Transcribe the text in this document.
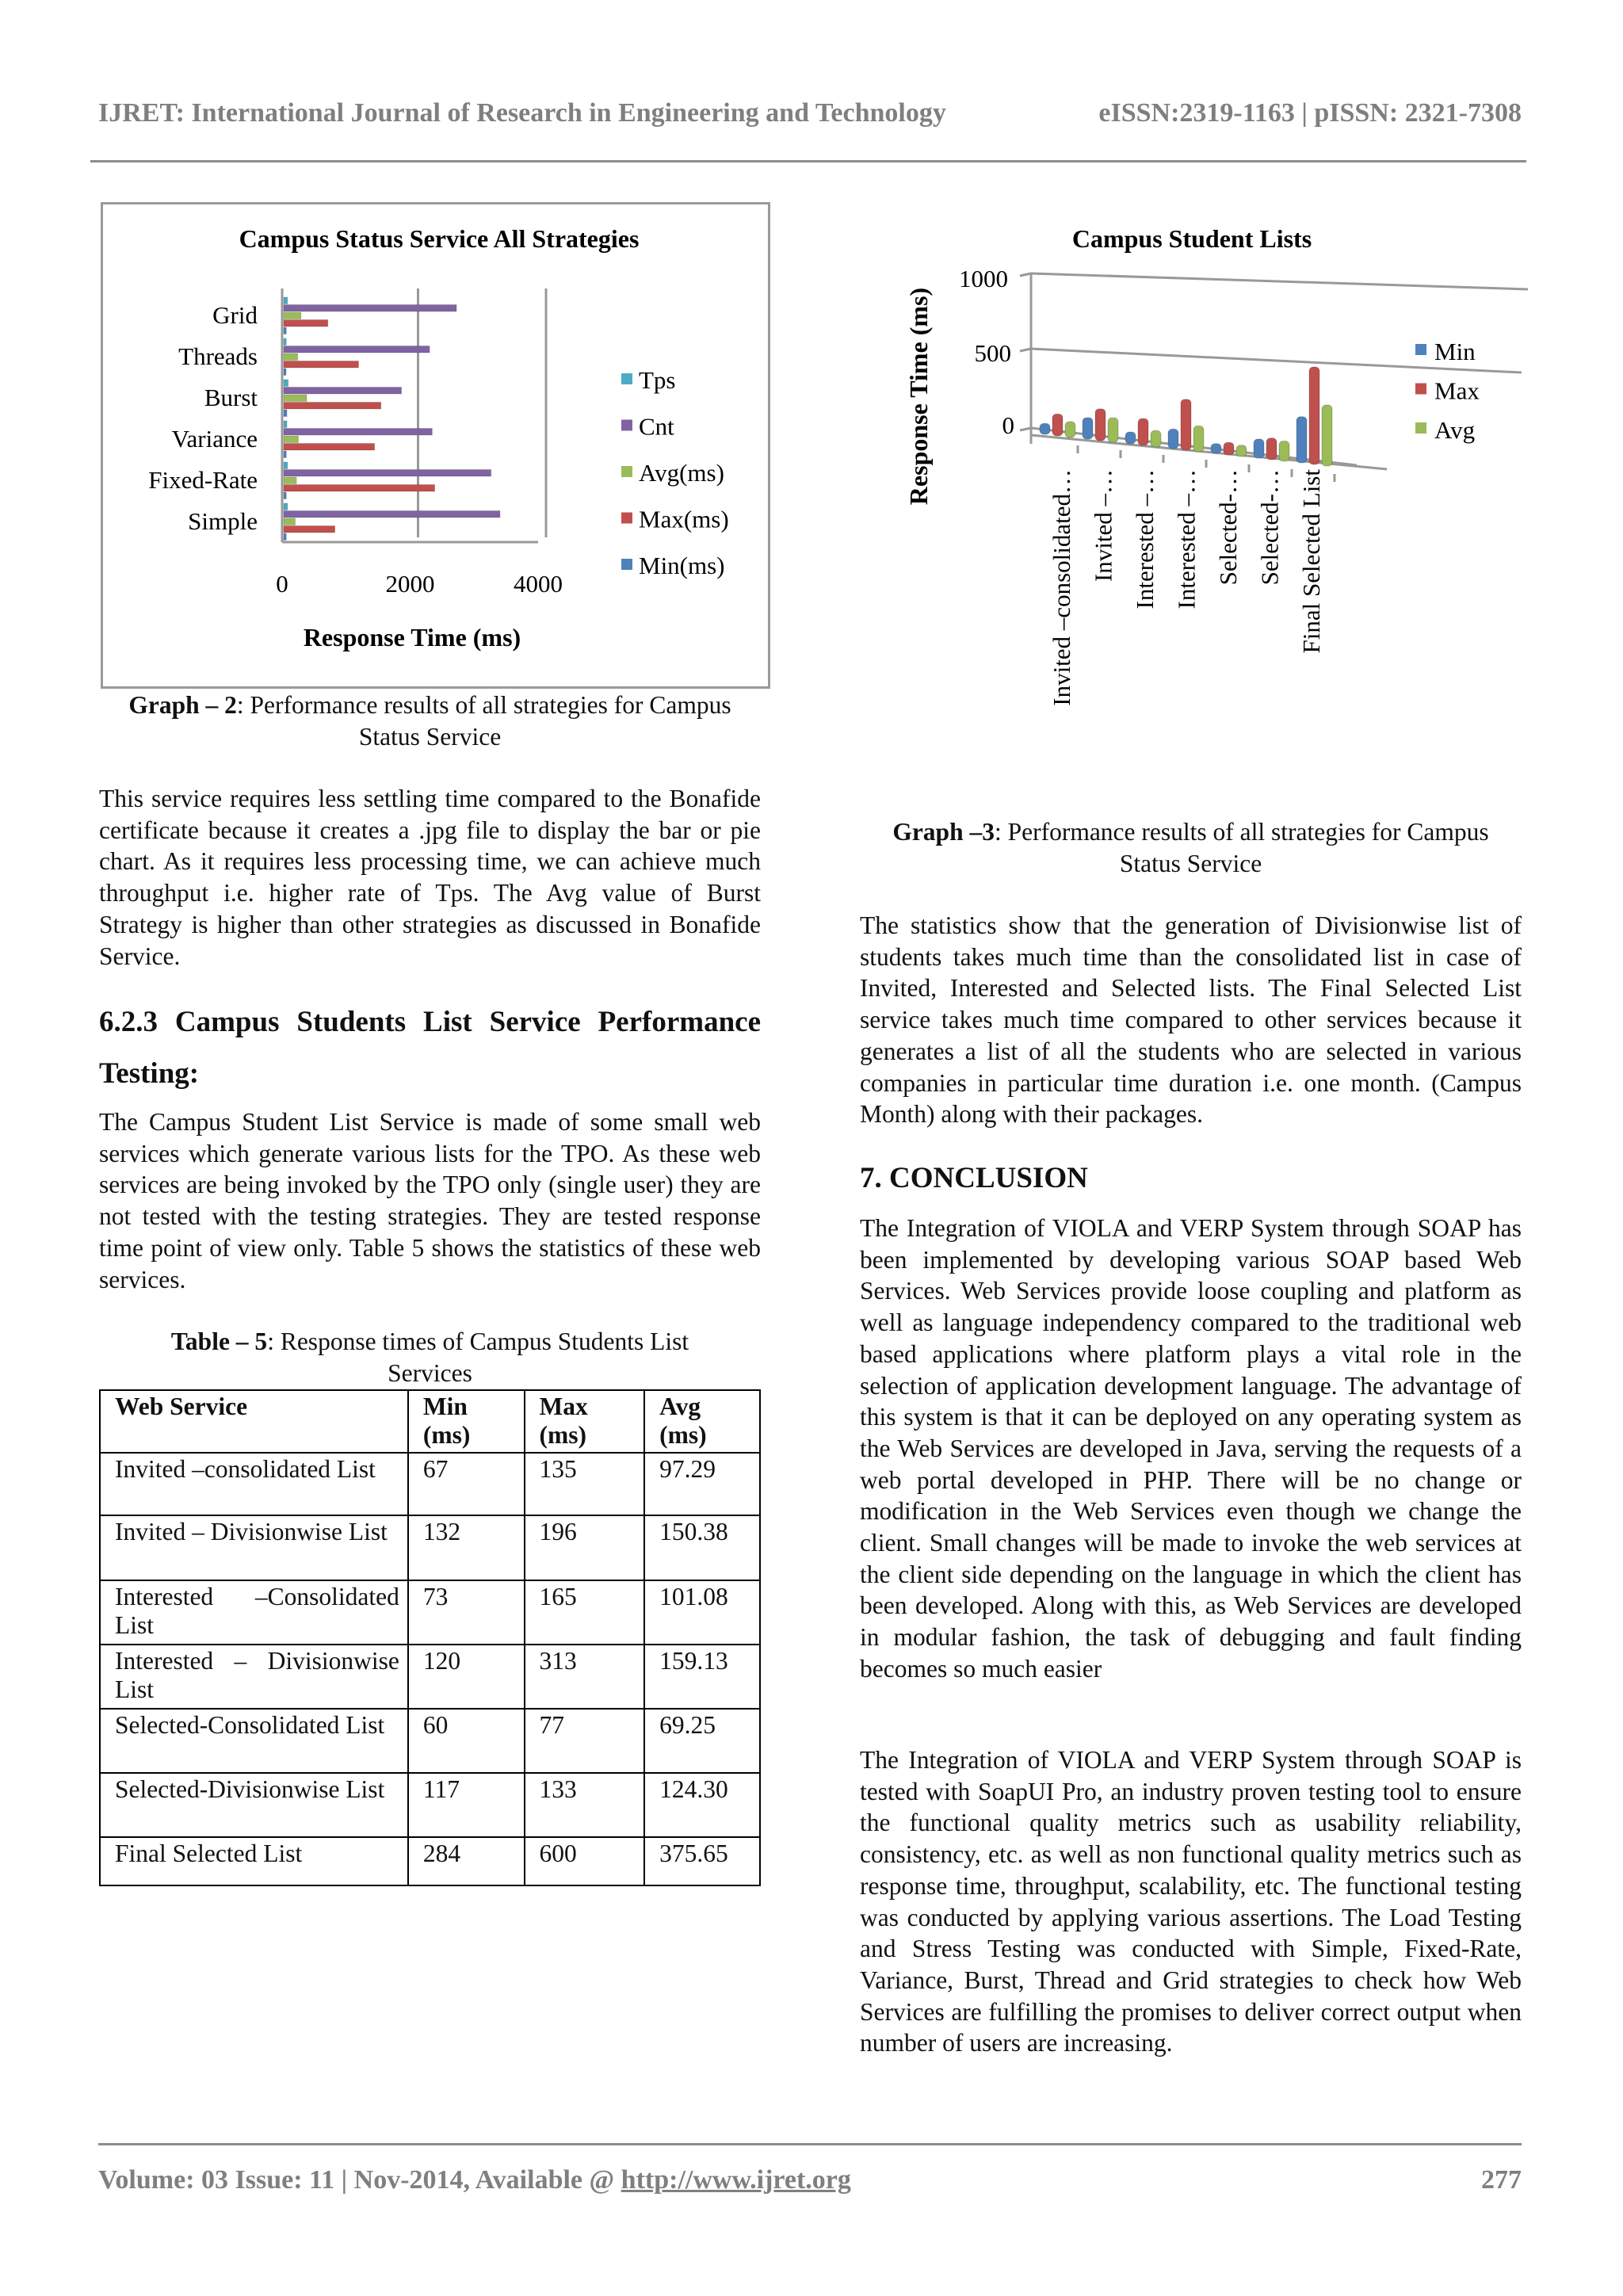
IJRET: International Journal of Research in Engineering and Technology	eISSN:2319-1163 | pISSN: 2321-7308
Campus Status Service All Strategies
Response Time (ms)
0	2000	4000
Grid
Threads
Burst
Variance
Fixed-Rate
Simple
Tps
Cnt
Avg(ms)
Max(ms)
Min(ms)
Graph – 2: Performance results of all strategies for Campus Status Service
This service requires less settling time compared to the Bonafide certificate because it creates a .jpg file to display the bar or pie chart. As it requires less processing time, we can achieve much throughput i.e. higher rate of Tps. The Avg value of Burst Strategy is higher than other strategies as discussed in Bonafide Service.
6.2.3 Campus Students List Service Performance Testing:
The Campus Student List Service is made of some small web services which generate various lists for the TPO. As these web services are being invoked by the TPO only (single user) they are not tested with the testing strategies. They are tested response time point of view only. Table 5 shows the statistics of these web services.
Table – 5: Response times of Campus Students List Services
Web Service	Min (ms)	Max (ms)	Avg (ms)
Invited –consolidated List	67	135	97.29
Invited – Divisionwise List	132	196	150.38
Interested –Consolidated List	73	165	101.08
Interested – Divisionwise List	120	313	159.13
Selected-Consolidated List	60	77	69.25
Selected-Divisionwise List	117	133	124.30
Final Selected List	284	600	375.65
Campus Student Lists
Response Time (ms)
1000
500
0
Invited –consolidated… Invited –… Interested –… Interested –… Selected-… Selected-… Final Selected List
Min
Max
Avg
Graph –3: Performance results of all strategies for Campus Status Service
The statistics show that the generation of Divisionwise list of students takes much time than the consolidated list in case of Invited, Interested and Selected lists. The Final Selected List service takes much time compared to other services because it generates a list of all the students who are selected in various companies in particular time duration i.e. one month. (Campus Month) along with their packages.
7. CONCLUSION
The Integration of VIOLA and VERP System through SOAP has been implemented by developing various SOAP based Web Services. Web Services provide loose coupling and platform as well as language independency compared to the traditional web based applications where platform plays a vital role in the selection of application development language. The advantage of this system is that it can be deployed on any operating system as the Web Services are developed in Java, serving the requests of a web portal developed in PHP. There will be no change or modification in the Web Services even though we change the client. Small changes will be made to invoke the web services at the client side depending on the language in which the client has been developed. Along with this, as Web Services are developed in modular fashion, the task of debugging and fault finding becomes so much easier
The Integration of VIOLA and VERP System through SOAP is tested with SoapUI Pro, an industry proven testing tool to ensure the functional quality metrics such as usability reliability, consistency, etc. as well as non functional quality metrics such as response time, throughput, scalability, etc. The functional testing was conducted by applying various assertions. The Load Testing and Stress Testing was conducted with Simple, Fixed-Rate, Variance, Burst, Thread and Grid strategies to check how Web Services are fulfilling the promises to deliver correct output when number of users are increasing.
Volume: 03 Issue: 11 | Nov-2014, Available @ http://www.ijret.org	277
